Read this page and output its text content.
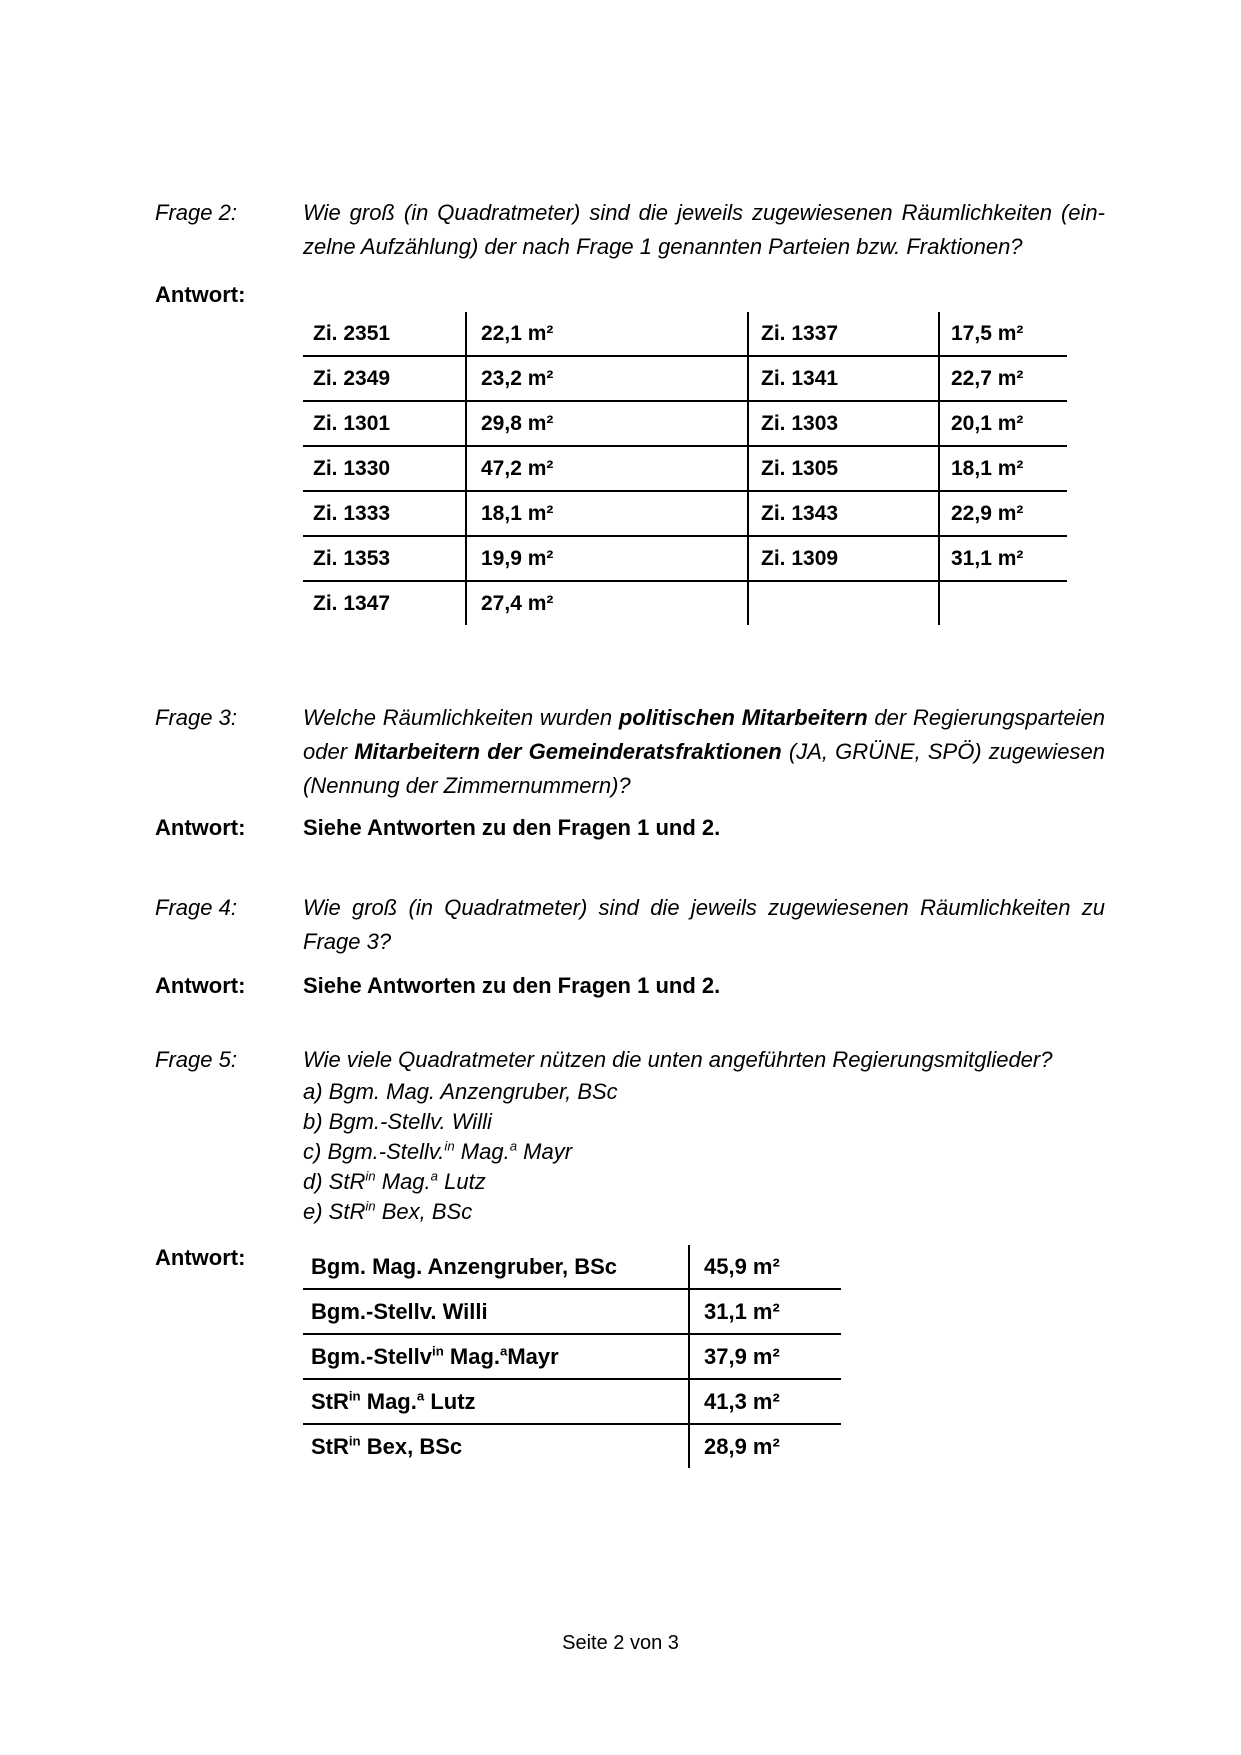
Frage 2:	Wie groß (in Quadratmeter) sind die jeweils zugewiesenen Räumlichkeiten (ein-
zelne Aufzählung) der nach Frage 1 genannten Parteien bzw. Fraktionen?
Antwort:
Zi. 2351	22,1 m²	Zi. 1337	17,5 m²
Zi. 2349	23,2 m²	Zi. 1341	22,7 m²
Zi. 1301	29,8 m²	Zi. 1303	20,1 m²
Zi. 1330	47,2 m²	Zi. 1305	18,1 m²
Zi. 1333	18,1 m²	Zi. 1343	22,9 m²
Zi. 1353	19,9 m²	Zi. 1309	31,1 m²
Zi. 1347	27,4 m²		
Frage 3:	Welche Räumlichkeiten wurden politischen Mitarbeitern der Regierungsparteien
oder Mitarbeitern der Gemeinderatsfraktionen (JA, GRÜNE, SPÖ) zugewiesen
(Nennung der Zimmernummern)?
Antwort:	Siehe Antworten zu den Fragen 1 und 2.
Frage 4:	Wie groß (in Quadratmeter) sind die jeweils zugewiesenen Räumlichkeiten zu
Frage 3?
Antwort:	Siehe Antworten zu den Fragen 1 und 2.
Frage 5:	Wie viele Quadratmeter nützen die unten angeführten Regierungsmitglieder?
a) Bgm. Mag. Anzengruber, BSc
b) Bgm.-Stellv. Willi
c) Bgm.-Stellv.$^{in}$ Mag.$^a$ Mayr
d) StR$^{in}$ Mag.$^a$ Lutz
e) StR$^{in}$ Bex, BSc
Antwort:	Bgm. Mag. Anzengruber, BSc	45,9 m²
Bgm.-Stellv. Willi	31,1 m²
Bgm.-Stellv$^{in}$ Mag.$^a$Mayr	37,9 m²
StR$^{in}$ Mag.$^a$ Lutz	41,3 m²
StR$^{in}$ Bex, BSc	28,9 m²
Seite 2 von 3
